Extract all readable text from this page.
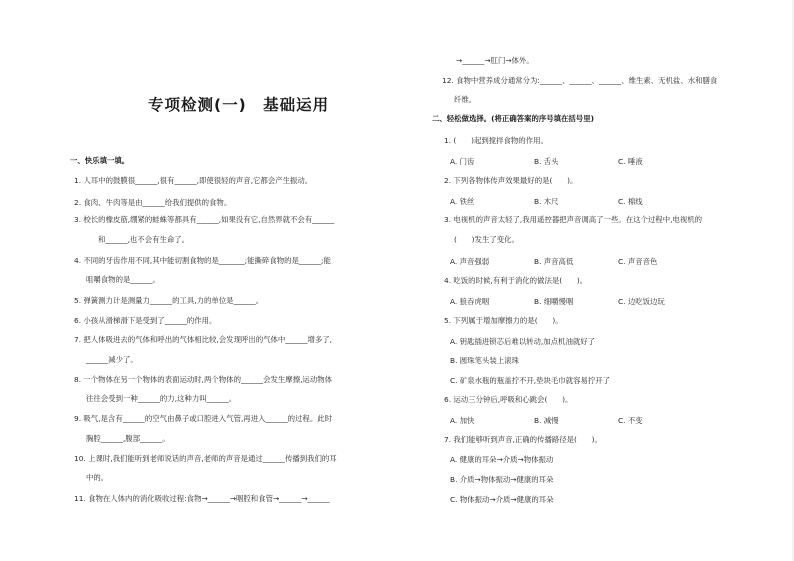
专项检测(一)　基础运用
一、快乐填一填。
1. 人耳中的鼓膜很______,很有______,即使很轻的声音,它都会产生振动。
2. 食肉、牛肉等是由______给我们提供的食物。
3. 校长的橡皮筋,绷紧的蛙蛛等都具有______,如果没有它,自然界就不会有______
和______,也不会有生命了。
4. 不同的牙齿作用不同,其中能切割食物的是_______;能撕碎食物的是______;能
咀嚼食物的是______。
5. 弹簧测力计是测量力______的工具,力的单位是______。
6. 小孩从滑梯滑下是受到了______的作用。
7. 把人体吸进去的气体和呼出的气体相比较,会发现呼出的气体中______增多了,
______减少了。
8. 一个物体在另一个物体的表面运动时,两个物体的______会发生摩擦,运动物体
往往会受到一种______的力,这种力叫______。
9. 吸气,是含有______的空气由鼻子或口腔进入气管,再进入______的过程。此时
胸腔______,腹部______。
10. 上课时,我们能听到老师说话的声音,老师的声音是通过______传播到我们的耳
中的。
11. 食物在人体内的消化吸收过程:食物→______→咽腔和食管→______→______
→______→肛门→体外。
12. 食物中营养成分通常分为:______、______、______、维生素、无机盐、水和膳食
纤维。
二、轻松做选择。(将正确答案的序号填在括号里)
1. (　　)起到搅拌食物的作用。
A. 门齿	B. 舌头	C. 唾液
2. 下列各物体传声效果最好的是(　　)。
A. 铁丝	B. 木尺	C. 棉线
3. 电视机的声音太轻了,我用遥控器把声音调高了一些。在这个过程中,电视机的
(　　)发生了变化。
A. 声音强弱	B. 声音高低	C. 声音音色
4. 吃饭的时候,有利于消化的做法是(　　)。
A. 狼吞虎咽	B. 细嚼慢咽	C. 边吃饭边玩
5. 下列属于增加摩擦力的是(　　)。
A. 钥匙插进锁芯后难以转动,加点机油就好了
B. 圆珠笔头装上滚珠
C. 矿泉水瓶的瓶盖拧不开,垫块毛巾就容易拧开了
6. 运动三分钟后,呼吸和心跳会(　　)。
A. 加快	B. 减慢	C. 不变
7. 我们能够听到声音,正确的传播路径是(　　)。
A. 健康的耳朵→介质→物体振动
B. 介质→物体振动→健康的耳朵
C. 物体振动→介质→健康的耳朵
